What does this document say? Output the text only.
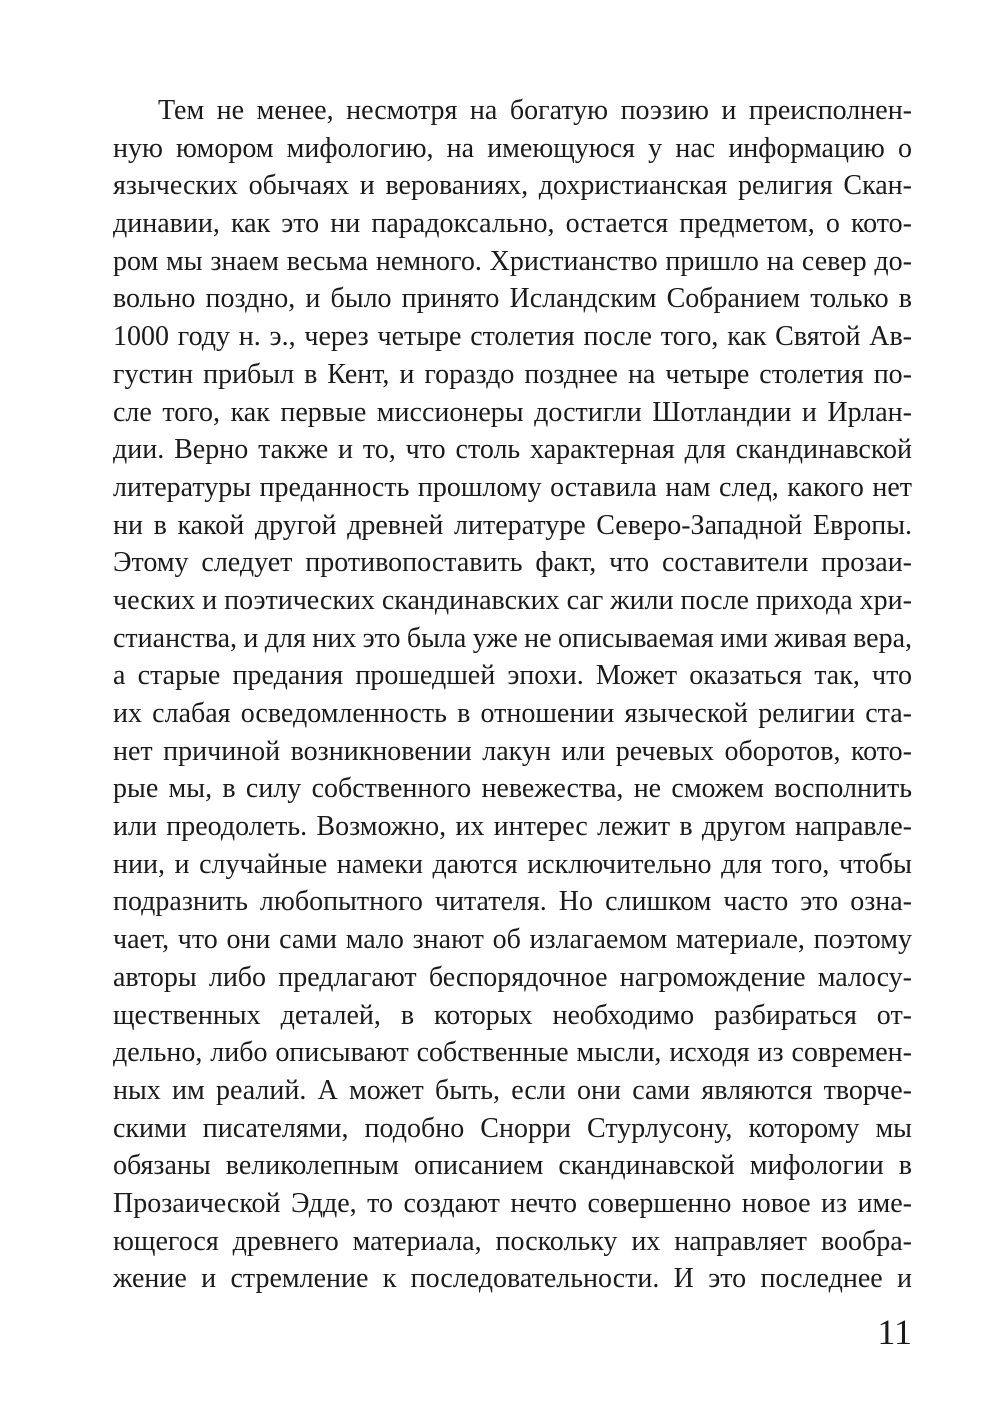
Тем не менее, несмотря на богатую поэзию и преисполнен-
ную юмором мифологию, на имеющуюся у нас информацию о
языческих обычаях и верованиях, дохристианская религия Скан-
динавии, как это ни парадоксально, остается предметом, о кото-
ром мы знаем весьма немного. Христианство пришло на север до-
вольно поздно, и было принято Исландским Собранием только в
1000 году н. э., через четыре столетия после того, как Святой Ав-
густин прибыл в Кент, и гораздо позднее на четыре столетия по-
сле того, как первые миссионеры достигли Шотландии и Ирлан-
дии. Верно также и то, что столь характерная для скандинавской
литературы преданность прошлому оставила нам след, какого нет
ни в какой другой древней литературе Северо-Западной Европы.
Этому следует противопоставить факт, что составители прозаи-
ческих и поэтических скандинавских саг жили после прихода хри-
стианства, и для них это была уже не описываемая ими живая вера,
а старые предания прошедшей эпохи. Может оказаться так, что
их слабая осведомленность в отношении языческой религии ста-
нет причиной возникновении лакун или речевых оборотов, кото-
рые мы, в силу собственного невежества, не сможем восполнить
или преодолеть. Возможно, их интерес лежит в другом направле-
нии, и случайные намеки даются исключительно для того, чтобы
подразнить любопытного читателя. Но слишком часто это озна-
чает, что они сами мало знают об излагаемом материале, поэтому
авторы либо предлагают беспорядочное нагромождение малосу-
щественных деталей, в которых необходимо разбираться от-
дельно, либо описывают собственные мысли, исходя из современ-
ных им реалий. А может быть, если они сами являются творче-
скими писателями, подобно Снорри Стурлусону, которому мы
обязаны великолепным описанием скандинавской мифологии в
Прозаической Эдде, то создают нечто совершенно новое из име-
ющегося древнего материала, поскольку их направляет вообра-
жение и стремление к последовательности. И это последнее и
11
